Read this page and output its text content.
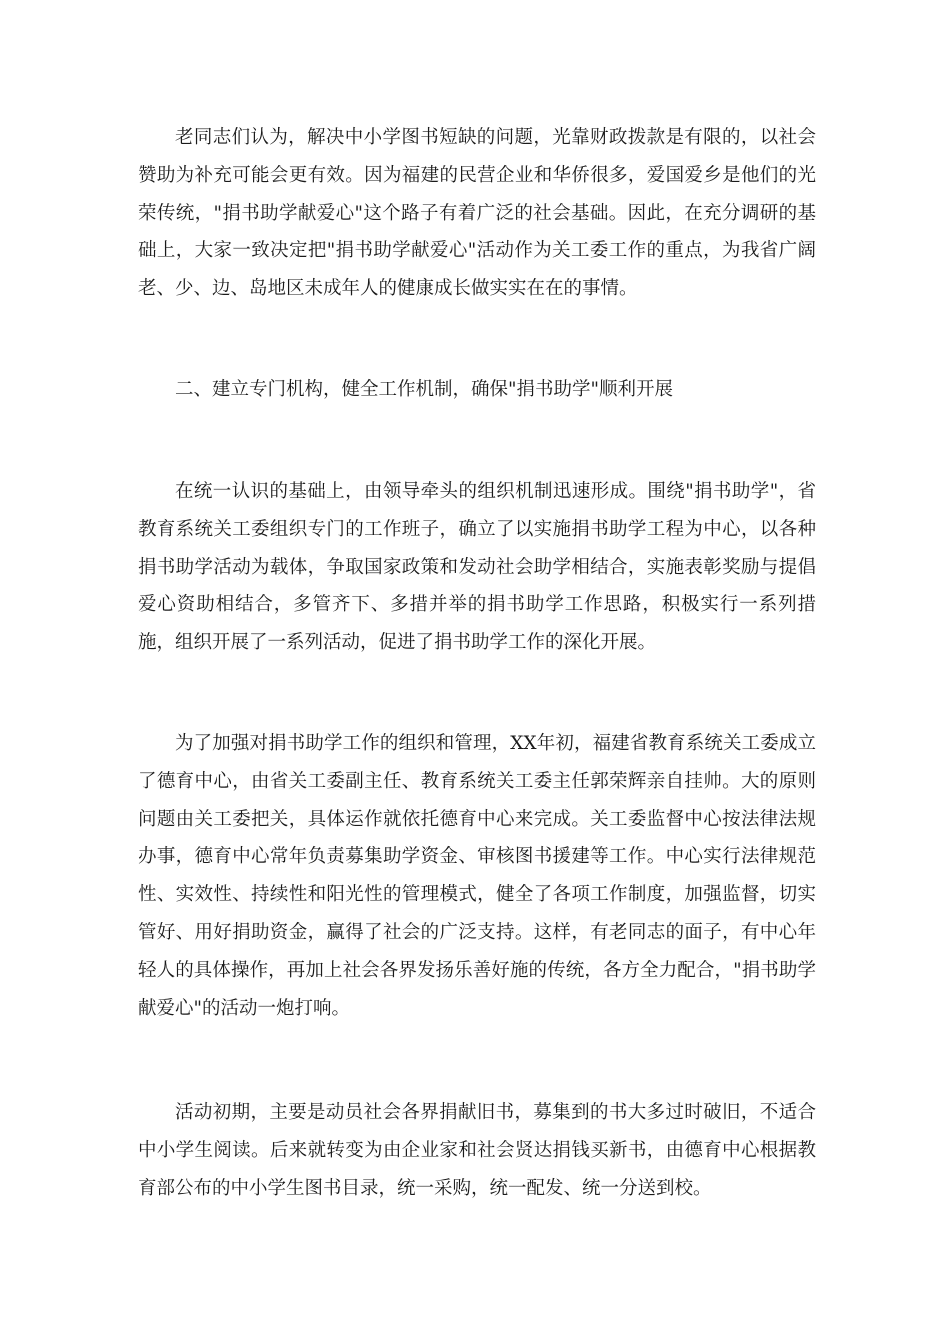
老同志们认为，解决中小学图书短缺的问题，光靠财政拨款是有限的，以社会赞助为补充可能会更有效。因为福建的民营企业和华侨很多，爱国爱乡是他们的光荣传统，"捐书助学献爱心"这个路子有着广泛的社会基础。因此，在充分调研的基础上，大家一致决定把"捐书助学献爱心"活动作为关工委工作的重点，为我省广阔老、少、边、岛地区未成年人的健康成长做实实在在的事情。

二、建立专门机构，健全工作机制，确保"捐书助学"顺利开展

在统一认识的基础上，由领导牵头的组织机制迅速形成。围绕"捐书助学"，省教育系统关工委组织专门的工作班子，确立了以实施捐书助学工程为中心，以各种捐书助学活动为载体，争取国家政策和发动社会助学相结合，实施表彰奖励与提倡爱心资助相结合，多管齐下、多措并举的捐书助学工作思路，积极实行一系列措施，组织开展了一系列活动，促进了捐书助学工作的深化开展。

为了加强对捐书助学工作的组织和管理，XX年初，福建省教育系统关工委成立了德育中心，由省关工委副主任、教育系统关工委主任郭荣辉亲自挂帅。大的原则问题由关工委把关，具体运作就依托德育中心来完成。关工委监督中心按法律法规办事，德育中心常年负责募集助学资金、审核图书援建等工作。中心实行法律规范性、实效性、持续性和阳光性的管理模式，健全了各项工作制度，加强监督，切实管好、用好捐助资金，赢得了社会的广泛支持。这样，有老同志的面子，有中心年轻人的具体操作，再加上社会各界发扬乐善好施的传统，各方全力配合，"捐书助学献爱心"的活动一炮打响。

活动初期，主要是动员社会各界捐献旧书，募集到的书大多过时破旧，不适合中小学生阅读。后来就转变为由企业家和社会贤达捐钱买新书，由德育中心根据教育部公布的中小学生图书目录，统一采购，统一配发、统一分送到校。
